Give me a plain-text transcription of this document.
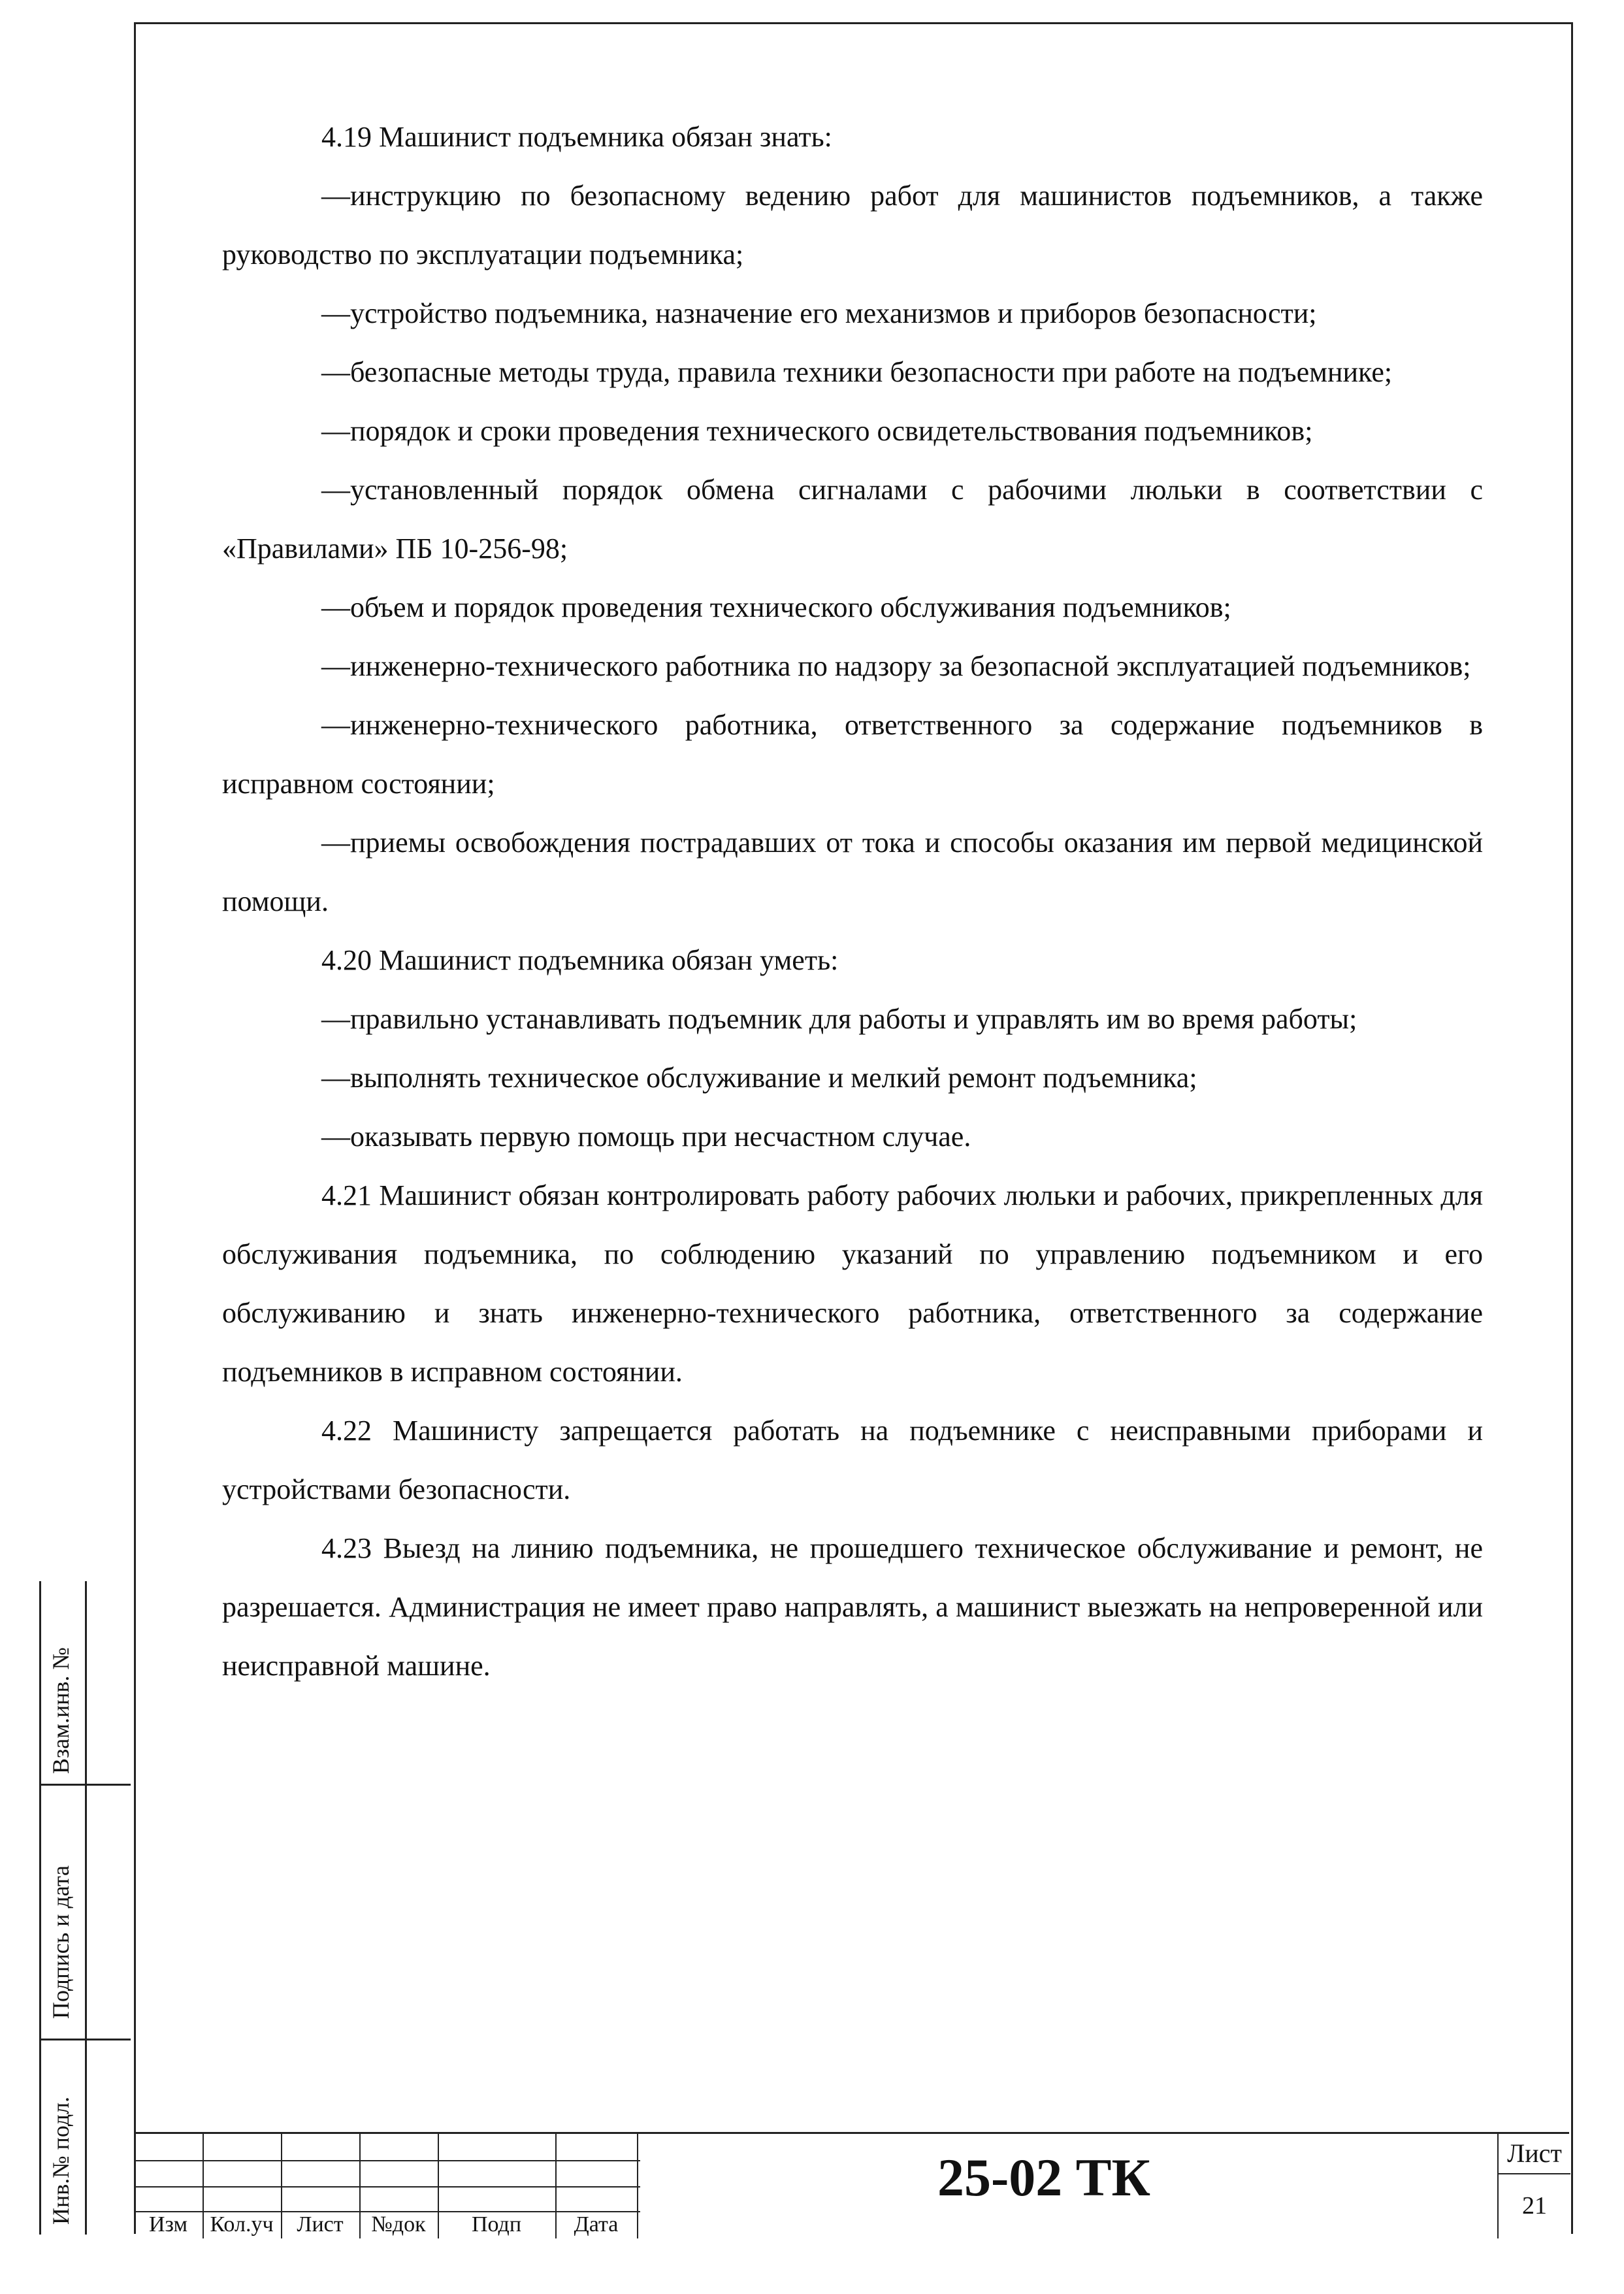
4.19 Машинист подъемника обязан знать:

—инструкцию по безопасному ведению работ для машинистов подъемников, а также руководство по эксплуатации подъемника;

—устройство подъемника, назначение его механизмов и приборов безопасности;

—безопасные методы труда, правила техники безопасности при работе на подъемнике;

—порядок и сроки проведения технического освидетельствования подъемников;

—установленный порядок обмена сигналами с рабочими люльки в соответствии с «Правилами» ПБ 10-256-98;

—объем и порядок проведения технического обслуживания подъемников;

—инженерно-технического работника по надзору за безопасной эксплуатацией подъемников;

—инженерно-технического работника, ответственного за содержание подъемников в исправном состоянии;

—приемы освобождения пострадавших от тока и способы оказания им первой медицинской помощи.

4.20 Машинист подъемника обязан уметь:

—правильно устанавливать подъемник для работы и управлять им во время работы;

—выполнять техническое обслуживание и мелкий ремонт подъемника;

—оказывать первую помощь при несчастном случае.

4.21 Машинист обязан контролировать работу рабочих люльки и рабочих, прикрепленных для обслуживания подъемника, по соблюдению указаний по управлению подъемником и его обслуживанию и знать инженерно-технического работника, ответственного за содержание подъемников в исправном состоянии.

4.22 Машинисту запрещается работать на подъемнике с неисправными приборами и устройствами безопасности.

4.23 Выезд на линию подъемника, не прошедшего техническое обслуживание и ремонт, не разрешается. Администрация не имеет право направлять, а машинист выезжать на непроверенной или неисправной машине.

Изм	Кол.уч	Лист	№док	Подп	Дата
25-02 ТК	Лист
21
Взам.инв. №
Подпись и дата
Инв.№ подл.
